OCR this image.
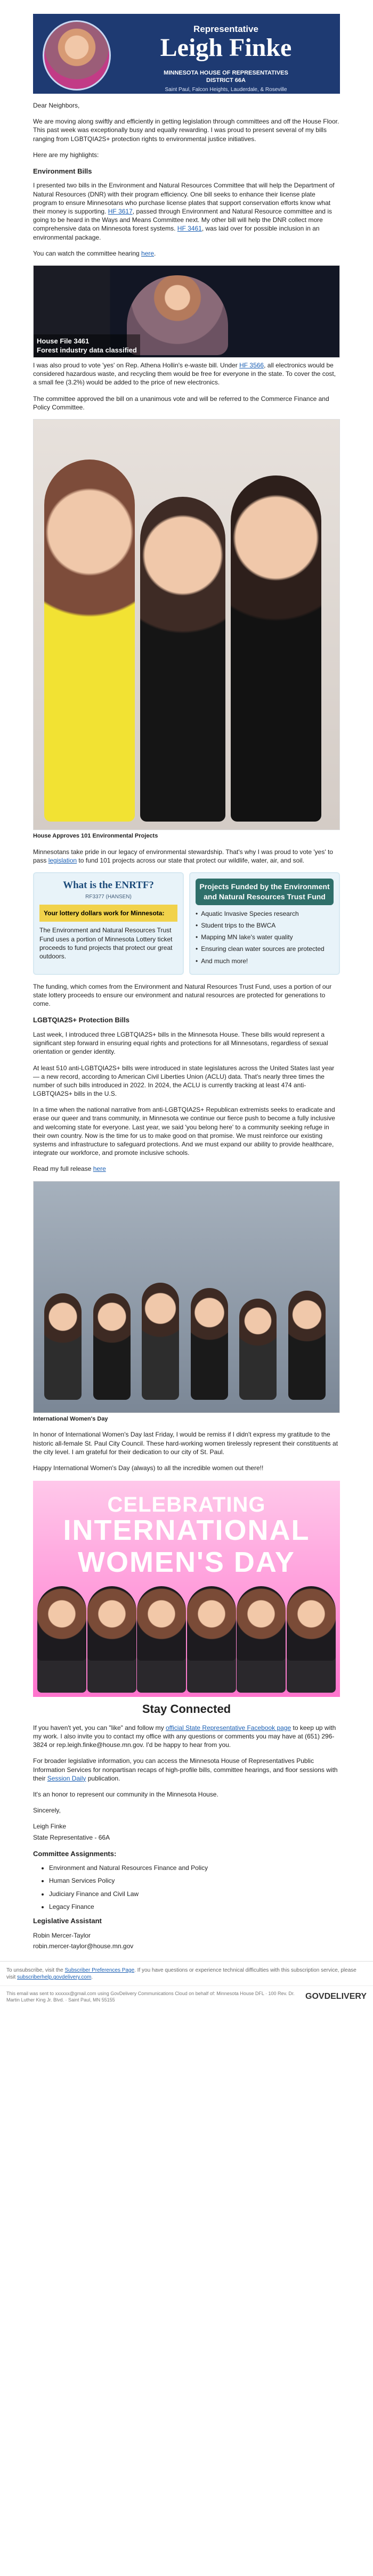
Representative
Leigh Finke
MINNESOTA HOUSE OF REPRESENTATIVES
DISTRICT 66A
Saint Paul, Falcon Heights, Lauderdale, & Roseville

Dear Neighbors,

We are moving along swiftly and efficiently in getting legislation through committees and off the House Floor. This past week was exceptionally busy and equally rewarding. I was proud to present several of my bills ranging from LGBTQIA2S+ protection rights to environmental justice initiatives.

Here are my highlights:

Environment Bills

I presented two bills in the Environment and Natural Resources Committee that will help the Department of Natural Resources (DNR) with their program efficiency. One bill seeks to enhance their license plate program to ensure Minnesotans who purchase license plates that support conservation efforts know what their money is supporting. HF 3617, passed through Environment and Natural Resource committee and is going to be heard in the Ways and Means Committee next. My other bill will help the DNR collect more comprehensive data on Minnesota forest systems. HF 3461, was laid over for possible inclusion in an environmental package.

You can watch the committee hearing here.

House File 3461
Forest industry data classified

I was also proud to vote 'yes' on Rep. Athena Hollin's e-waste bill. Under HF 3566, all electronics would be considered hazardous waste, and recycling them would be free for everyone in the state. To cover the cost, a small fee (3.2%) would be added to the price of new electronics.

The committee approved the bill on a unanimous vote and will be referred to the Commerce Finance and Policy Committee.

House Approves 101 Environmental Projects

Minnesotans take pride in our legacy of environmental stewardship. That's why I was proud to vote 'yes' to pass legislation to fund 101 projects across our state that protect our wildlife, water, air, and soil.

What is the ENRTF?
RF3377 (HANSEN)
Your lottery dollars work for Minnesota:
The Environment and Natural Resources Trust Fund uses a portion of Minnesota Lottery ticket proceeds to fund projects that protect our great outdoors.
Projects Funded by the Environment and Natural Resources Trust Fund
• Aquatic Invasive Species research
• Student trips to the BWCA
• Mapping MN lake's water quality
• Ensuring clean water sources are protected
• And much more!

The funding, which comes from the Environment and Natural Resources Trust Fund, uses a portion of our state lottery proceeds to ensure our environment and natural resources are protected for generations to come.

LGBTQIA2S+ Protection Bills

Last week, I introduced three LGBTQIA2S+ bills in the Minnesota House. These bills would represent a significant step forward in ensuring equal rights and protections for all Minnesotans, regardless of sexual orientation or gender identity.

At least 510 anti-LGBTQIA2S+ bills were introduced in state legislatures across the United States last year — a new record, according to American Civil Liberties Union (ACLU) data. That's nearly three times the number of such bills introduced in 2022. In 2024, the ACLU is currently tracking at least 474 anti-LGBTQIA2S+ bills in the U.S.

In a time when the national narrative from anti-LGBTQIA2S+ Republican extremists seeks to eradicate and erase our queer and trans community, in Minnesota we continue our fierce push to become a fully inclusive and welcoming state for everyone. Last year, we said 'you belong here' to a community seeking refuge in their own country. Now is the time for us to make good on that promise. We must reinforce our existing systems and infrastructure to safeguard protections. And we must expand our ability to provide healthcare, integrate our workforce, and promote inclusive schools.

Read my full release here

International Women's Day

In honor of International Women's Day last Friday, I would be remiss if I didn't express my gratitude to the historic all-female St. Paul City Council. These hard-working women tirelessly represent their constituents at the city level. I am grateful for their dedication to our city of St. Paul.

Happy International Women's Day (always) to all the incredible women out there!!

CELEBRATING
INTERNATIONAL
WOMEN'S DAY
Stay Connected

If you haven't yet, you can "like" and follow my official State Representative Facebook page to keep up with my work. I also invite you to contact my office with any questions or comments you may have at (651) 296-3824 or rep.leigh.finke@house.mn.gov. I'd be happy to hear from you.

For broader legislative information, you can access the Minnesota House of Representatives Public Information Services for nonpartisan recaps of high-profile bills, committee hearings, and floor sessions with their Session Daily publication.

It's an honor to represent our community in the Minnesota House.

Sincerely,

Leigh Finke

State Representative - 66A

Committee Assignments:
• Environment and Natural Resources Finance and Policy
• Human Services Policy
• Judiciary Finance and Civil Law
• Legacy Finance
Legislative Assistant

Robin Mercer-Taylor

robin.mercer-taylor@house.mn.gov

To unsubscribe, visit the Subscriber Preferences Page. If you have questions or experience technical difficulties with this subscription service, please visit subscriberhelp.govdelivery.com.
This email was sent to xxxxxx@gmail.com using GovDelivery Communications Cloud on behalf of: Minnesota House DFL · 100 Rev. Dr. Martin Luther King Jr. Blvd. · Saint Paul, MN 55155	GOVDELIVERY
